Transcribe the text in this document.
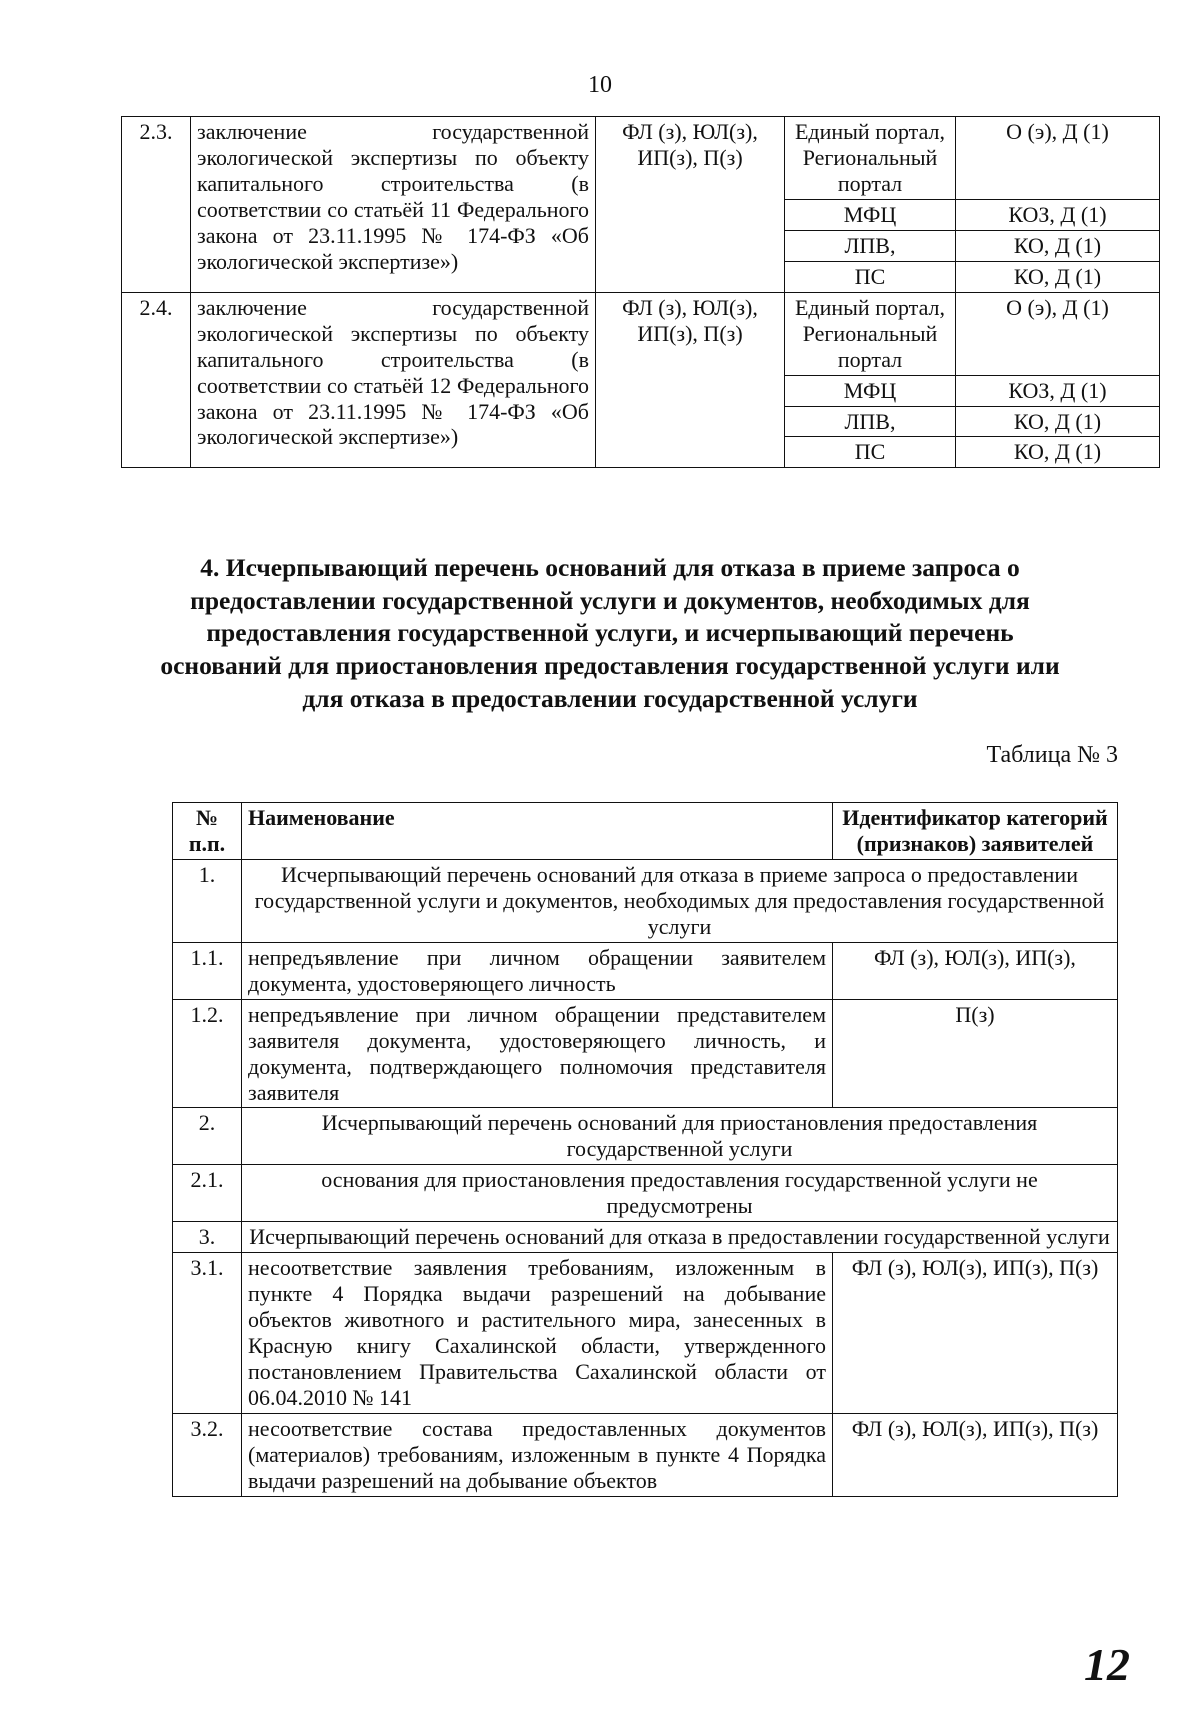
10
2.3.	заключение государственной экологической экспертизы по объекту капитального строительства (в соответствии со статьёй 11 Федерального закона от 23.11.1995 № 174-ФЗ «Об экологической экспертизе»)	ФЛ (з), ЮЛ(з), ИП(з), П(з)	Единый портал, Региональный портал	О (э), Д (1)
			МФЦ	КОЗ, Д (1)
			ЛПВ,	КО, Д (1)
			ПС	КО, Д (1)
2.4.	заключение государственной экологической экспертизы по объекту капитального строительства (в соответствии со статьёй 12 Федерального закона от 23.11.1995 № 174-ФЗ «Об экологической экспертизе»)	ФЛ (з), ЮЛ(з), ИП(з), П(з)	Единый портал, Региональный портал	О (э), Д (1)
			МФЦ	КОЗ, Д (1)
			ЛПВ,	КО, Д (1)
			ПС	КО, Д (1)
4. Исчерпывающий перечень оснований для отказа в приеме запроса о предоставлении государственной услуги и документов, необходимых для предоставления государственной услуги, и исчерпывающий перечень оснований для приостановления предоставления государственной услуги или для отказа в предоставлении государственной услуги
Таблица № 3
№ п.п.	Наименование	Идентификатор категорий (признаков) заявителей
1.	Исчерпывающий перечень оснований для отказа в приеме запроса о предоставлении государственной услуги и документов, необходимых для предоставления государственной услуги	
1.1.	непредъявление при личном обращении заявителем документа, удостоверяющего личность	ФЛ (з), ЮЛ(з), ИП(з),
1.2.	непредъявление при личном обращении представителем заявителя документа, удостоверяющего личность, и документа, подтверждающего полномочия представителя заявителя	П(з)
2.	Исчерпывающий перечень оснований для приостановления предоставления государственной услуги	
2.1.	основания для приостановления предоставления государственной услуги не предусмотрены	
3.	Исчерпывающий перечень оснований для отказа в предоставлении государственной услуги	
3.1.	несоответствие заявления требованиям, изложенным в пункте 4 Порядка выдачи разрешений на добывание объектов животного и растительного мира, занесенных в Красную книгу Сахалинской области, утвержденного постановлением Правительства Сахалинской области от 06.04.2010 № 141	ФЛ (з), ЮЛ(з), ИП(з), П(з)
3.2.	несоответствие состава предоставленных документов (материалов) требованиям, изложенным в пункте 4 Порядка выдачи разрешений на добывание объектов	ФЛ (з), ЮЛ(з), ИП(з), П(з)
12
